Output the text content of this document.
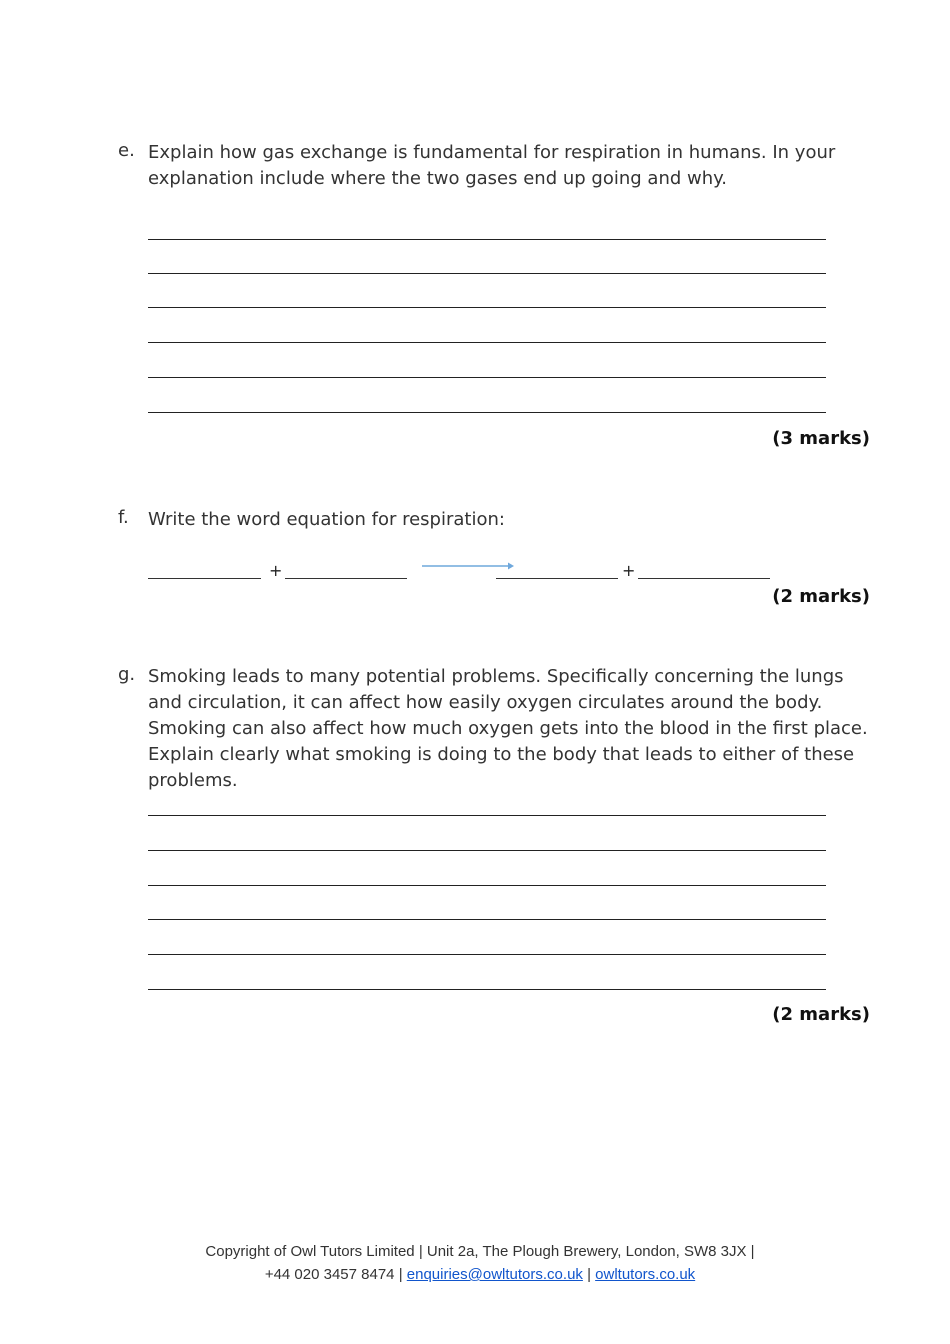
e. Explain how gas exchange is fundamental for respiration in humans. In your explanation include where the two gases end up going and why.
(3 marks)
f. Write the word equation for respiration:
+	+
(2 marks)
g. Smoking leads to many potential problems. Specifically concerning the lungs and circulation, it can affect how easily oxygen circulates around the body. Smoking can also affect how much oxygen gets into the blood in the first place. Explain clearly what smoking is doing to the body that leads to either of these problems.
(2 marks)
Copyright of Owl Tutors Limited | Unit 2a, The Plough Brewery, London, SW8 3JX |
+44 020 3457 8474 | enquiries@owltutors.co.uk | owltutors.co.uk
